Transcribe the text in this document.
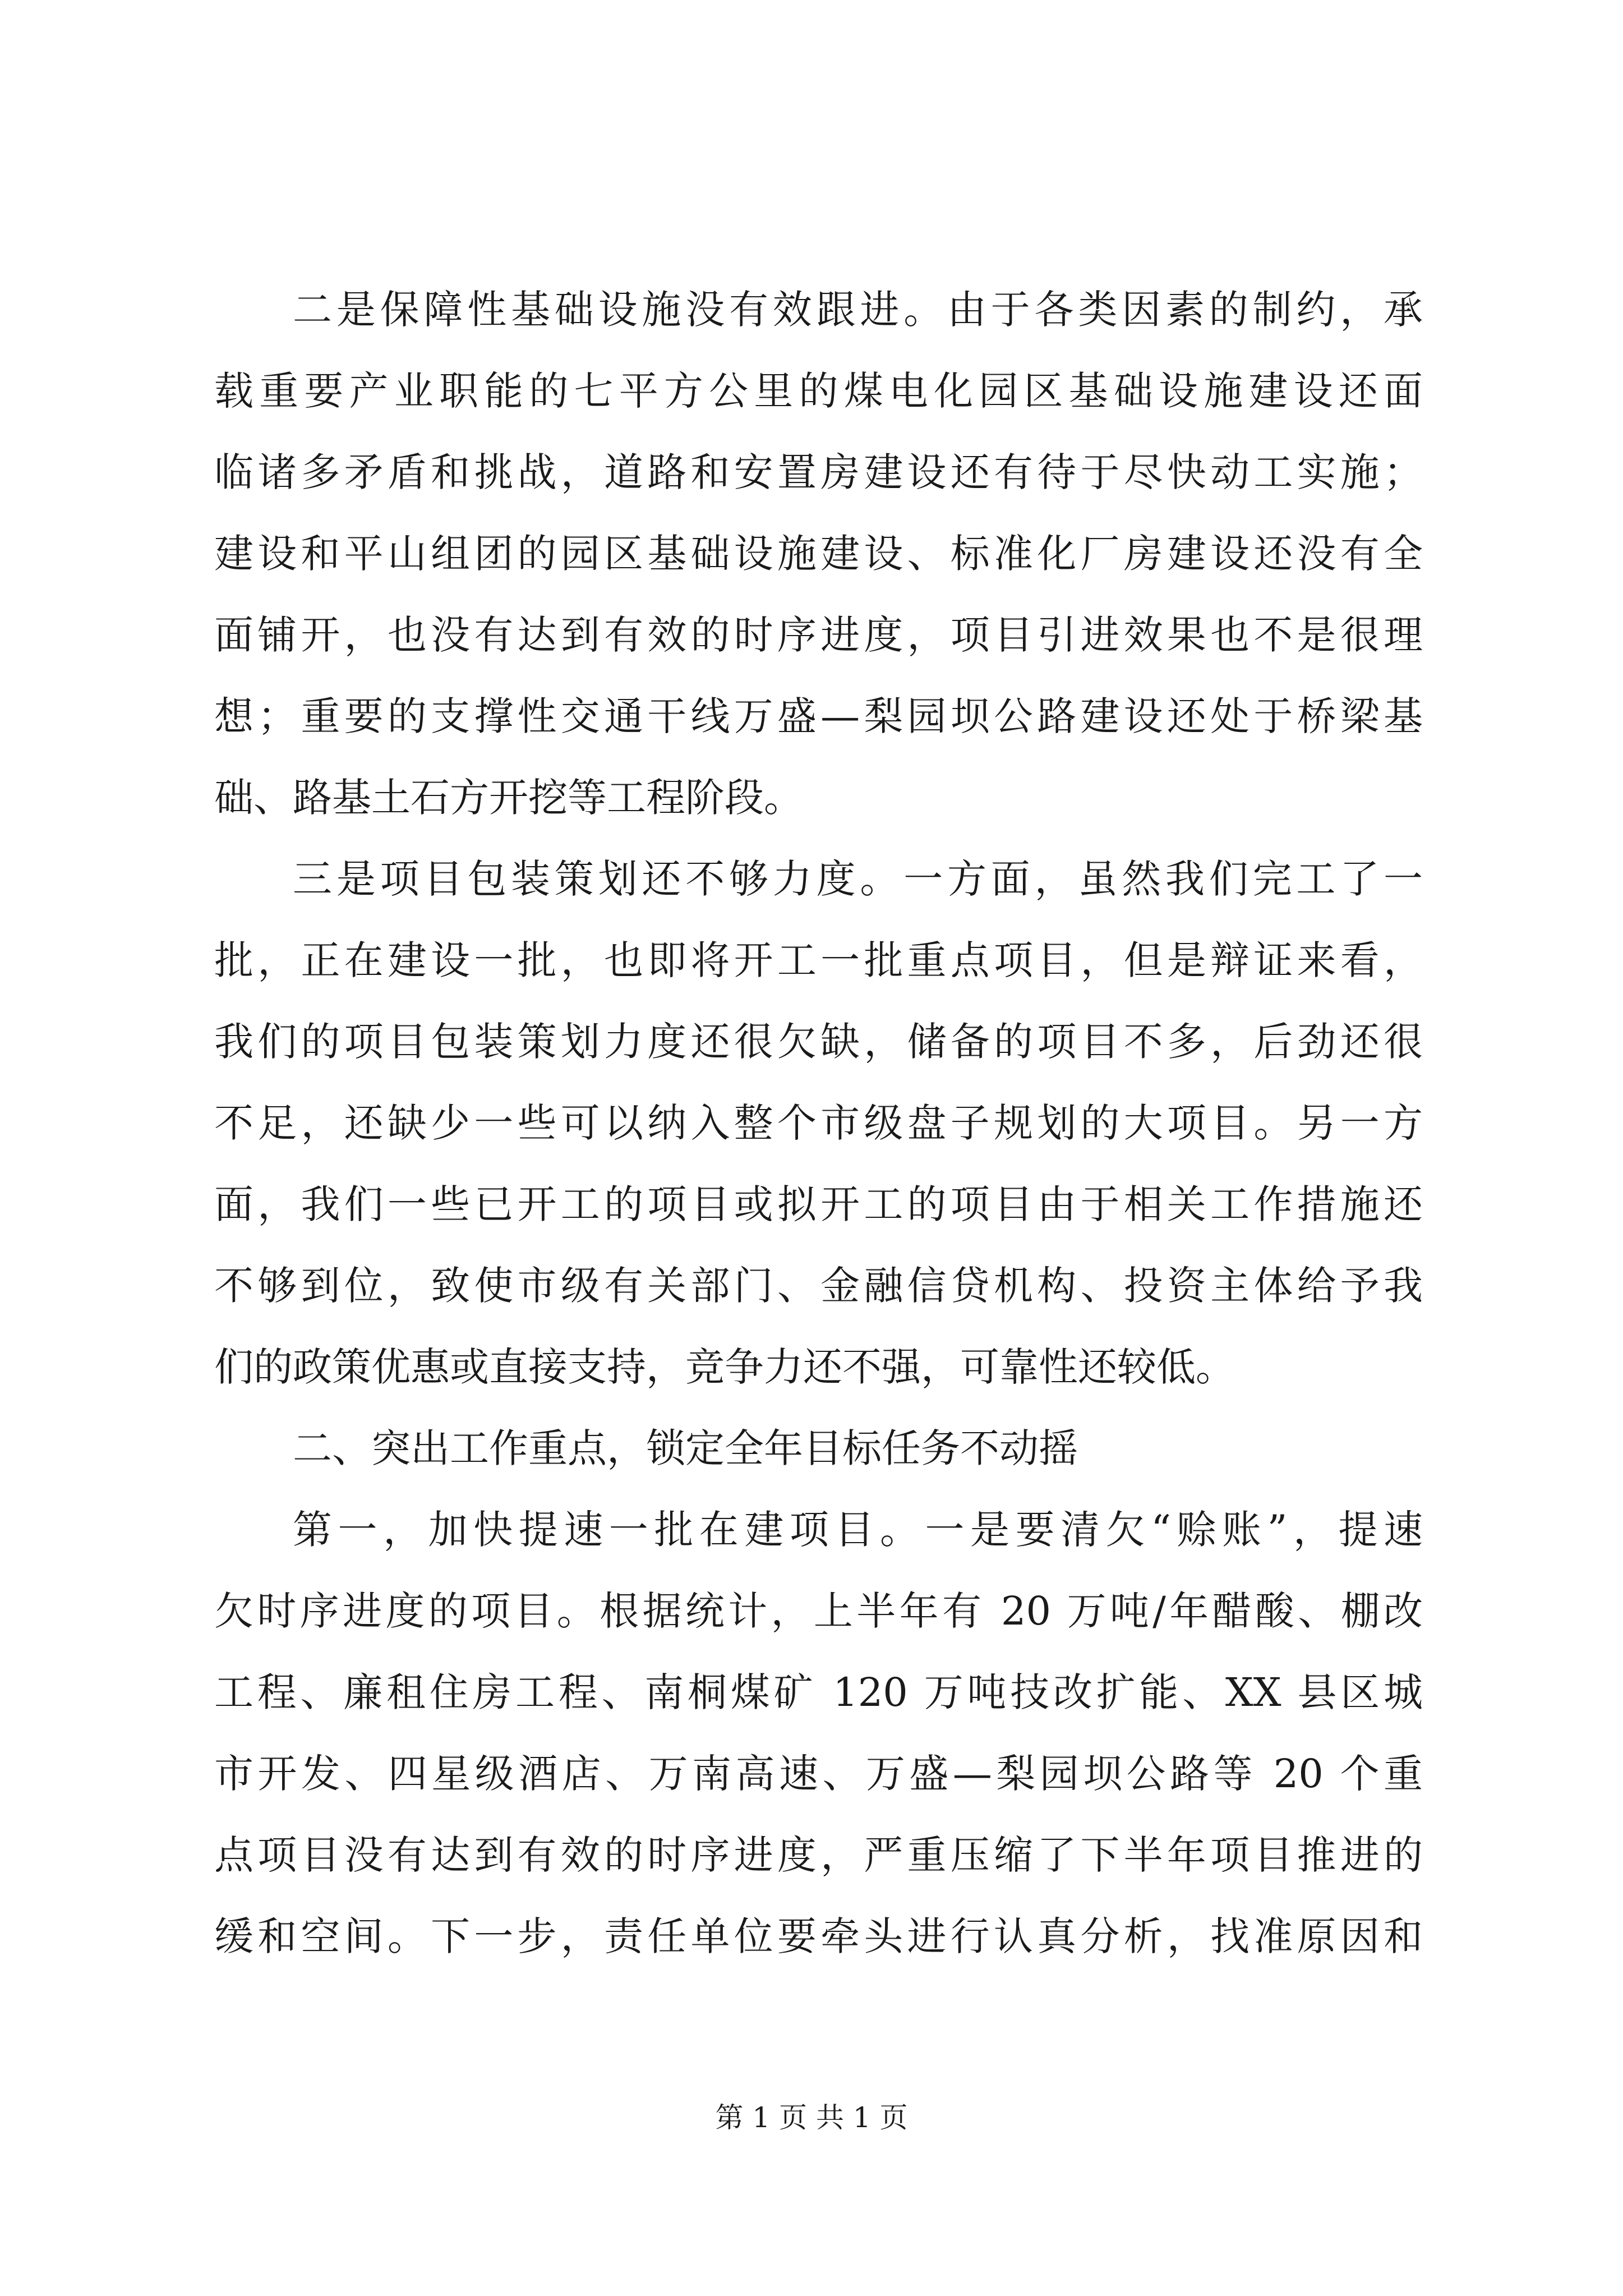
二是保障性基础设施没有效跟进。由于各类因素的制约，承
载重要产业职能的七平方公里的煤电化园区基础设施建设还面
临诸多矛盾和挑战，道路和安置房建设还有待于尽快动工实施；
建设和平山组团的园区基础设施建设、标准化厂房建设还没有全
面铺开，也没有达到有效的时序进度，项目引进效果也不是很理
想；重要的支撑性交通干线万盛—梨园坝公路建设还处于桥梁基
础、路基土石方开挖等工程阶段。
三是项目包装策划还不够力度。一方面，虽然我们完工了一
批，正在建设一批，也即将开工一批重点项目，但是辩证来看，
我们的项目包装策划力度还很欠缺，储备的项目不多，后劲还很
不足，还缺少一些可以纳入整个市级盘子规划的大项目。另一方
面，我们一些已开工的项目或拟开工的项目由于相关工作措施还
不够到位，致使市级有关部门、金融信贷机构、投资主体给予我
们的政策优惠或直接支持，竞争力还不强，可靠性还较低。
二、突出工作重点，锁定全年目标任务不动摇
第一，加快提速一批在建项目。一是要清欠“赊账”，提速
欠时序进度的项目。根据统计，上半年有 20 万吨/年醋酸、棚改
工程、廉租住房工程、南桐煤矿 120 万吨技改扩能、XX 县区城
市开发、四星级酒店、万南高速、万盛—梨园坝公路等 20 个重
点项目没有达到有效的时序进度，严重压缩了下半年项目推进的
缓和空间。下一步，责任单位要牵头进行认真分析，找准原因和
第 1 页 共 1 页
